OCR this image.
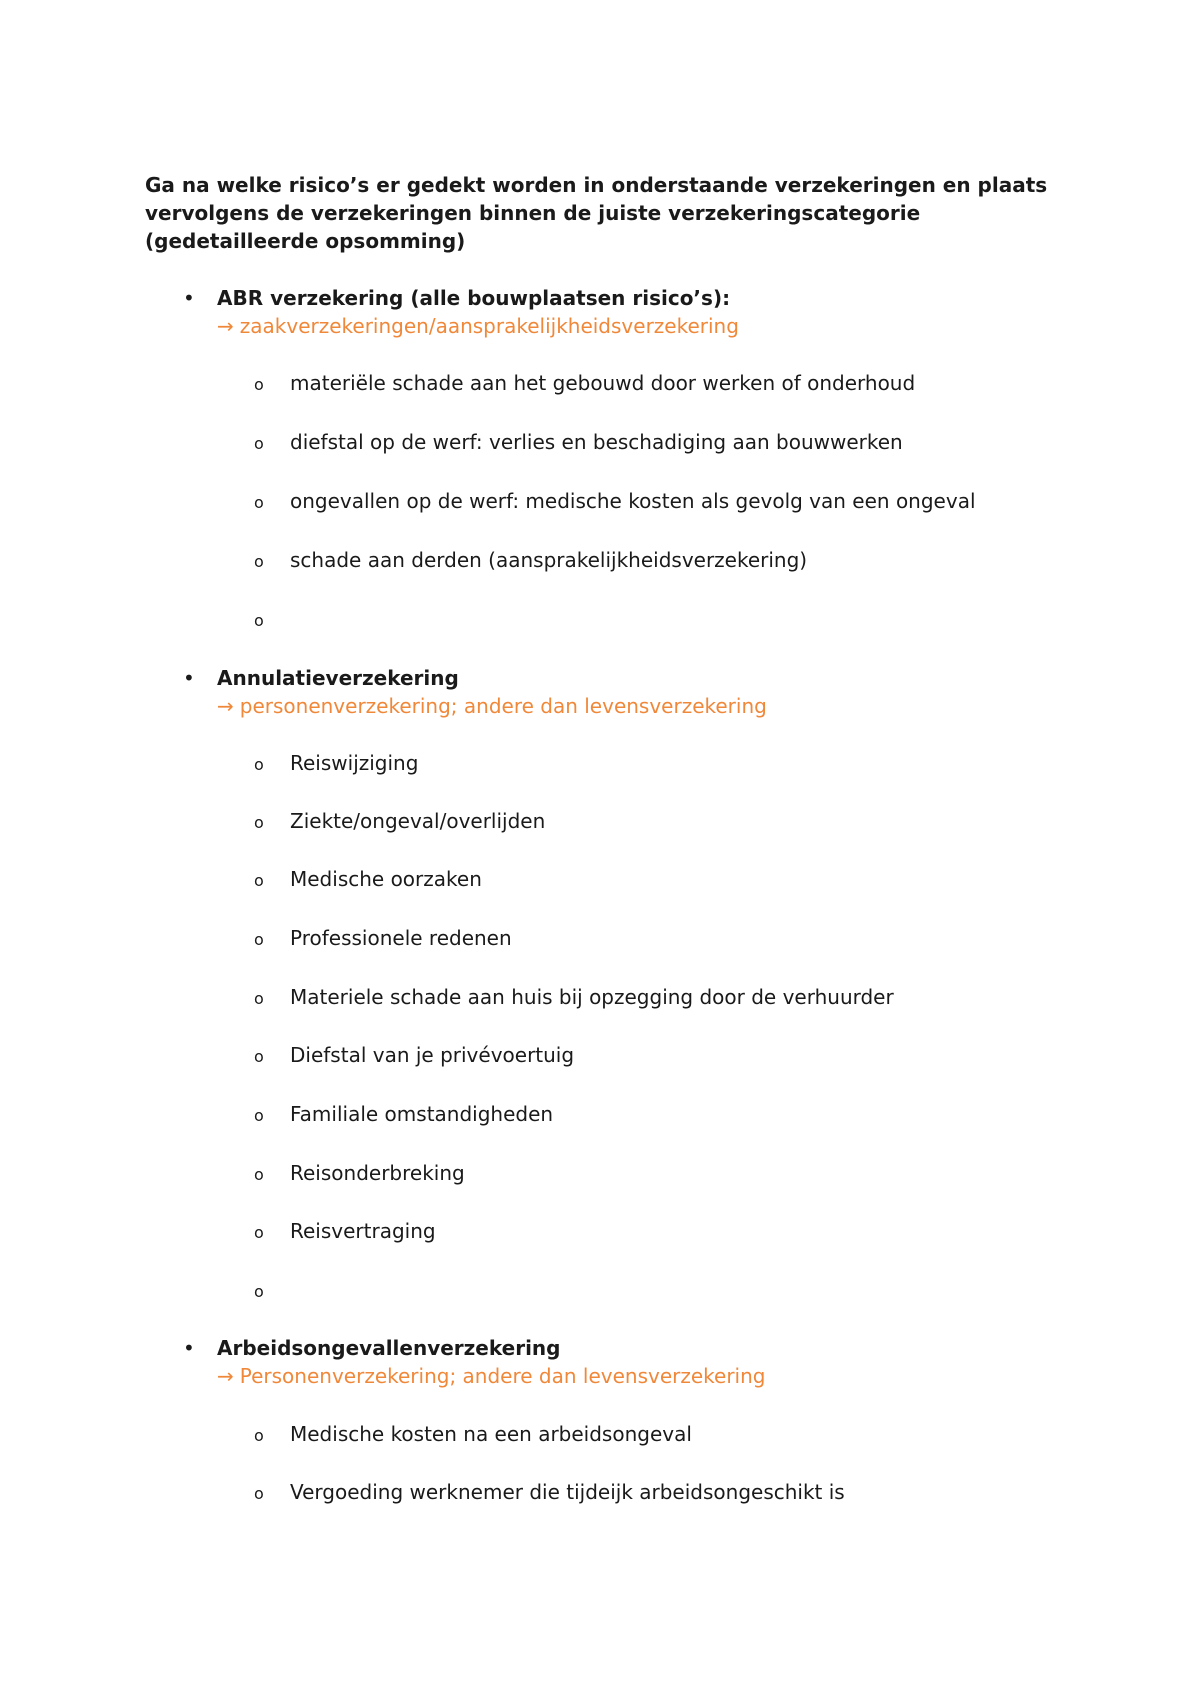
Ga na welke risico’s er gedekt worden in onderstaande verzekeringen en plaats
vervolgens de verzekeringen binnen de juiste verzekeringscategorie
(gedetailleerde opsomming)
• ABR verzekering (alle bouwplaatsen risico’s):
→ zaakverzekeringen/aansprakelijkheidsverzekering
o materiële schade aan het gebouwd door werken of onderhoud
o diefstal op de werf: verlies en beschadiging aan bouwwerken
o ongevallen op de werf: medische kosten als gevolg van een ongeval
o schade aan derden (aansprakelijkheidsverzekering)
o
• Annulatieverzekering
→ personenverzekering; andere dan levensverzekering
o Reiswijziging
o Ziekte/ongeval/overlijden
o Medische oorzaken
o Professionele redenen
o Materiele schade aan huis bij opzegging door de verhuurder
o Diefstal van je privévoertuig
o Familiale omstandigheden
o Reisonderbreking
o Reisvertraging
o
• Arbeidsongevallenverzekering
→ Personenverzekering; andere dan levensverzekering
o Medische kosten na een arbeidsongeval
o Vergoeding werknemer die tijdeijk arbeidsongeschikt is
